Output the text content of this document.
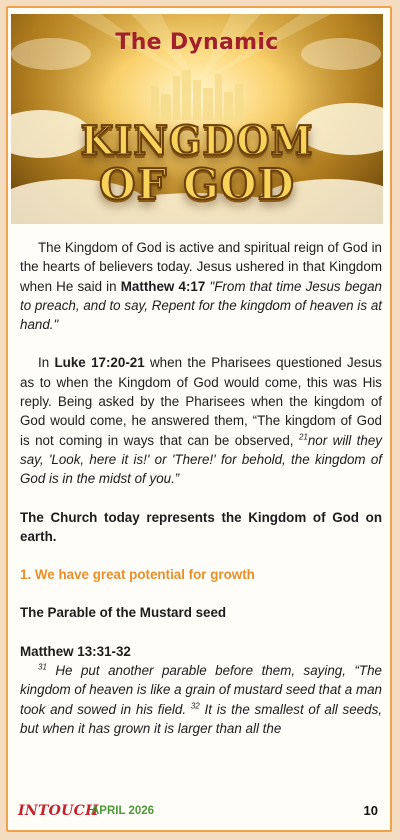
The Dynamic
KINGDOM
OF GOD

The Kingdom of God is active and spiritual reign of God in the hearts of believers today. Jesus ushered in that Kingdom when He said in Matthew 4:17 "From that time Jesus began to preach, and to say, Repent for the kingdom of heaven is at hand."

In Luke 17:20-21 when the Pharisees questioned Jesus as to when the Kingdom of God would come, this was His reply. Being asked by the Pharisees when the kingdom of God would come, he answered them, “The kingdom of God is not coming in ways that can be observed, $^{21}$nor will they say, 'Look, here it is!' or 'There!' for behold, the kingdom of God is in the midst of you.”

The Church today represents the Kingdom of God on earth.

1. We have great potential for growth

The Parable of the Mustard seed

Matthew 13:31-32

$^{31}$ He put another parable before them, saying, “The kingdom of heaven is like a grain of mustard seed that a man took and sowed in his field. $^{32}$ It is the smallest of all seeds, but when it has grown it is larger than all the

INTOUCH
APRIL 2026	10
